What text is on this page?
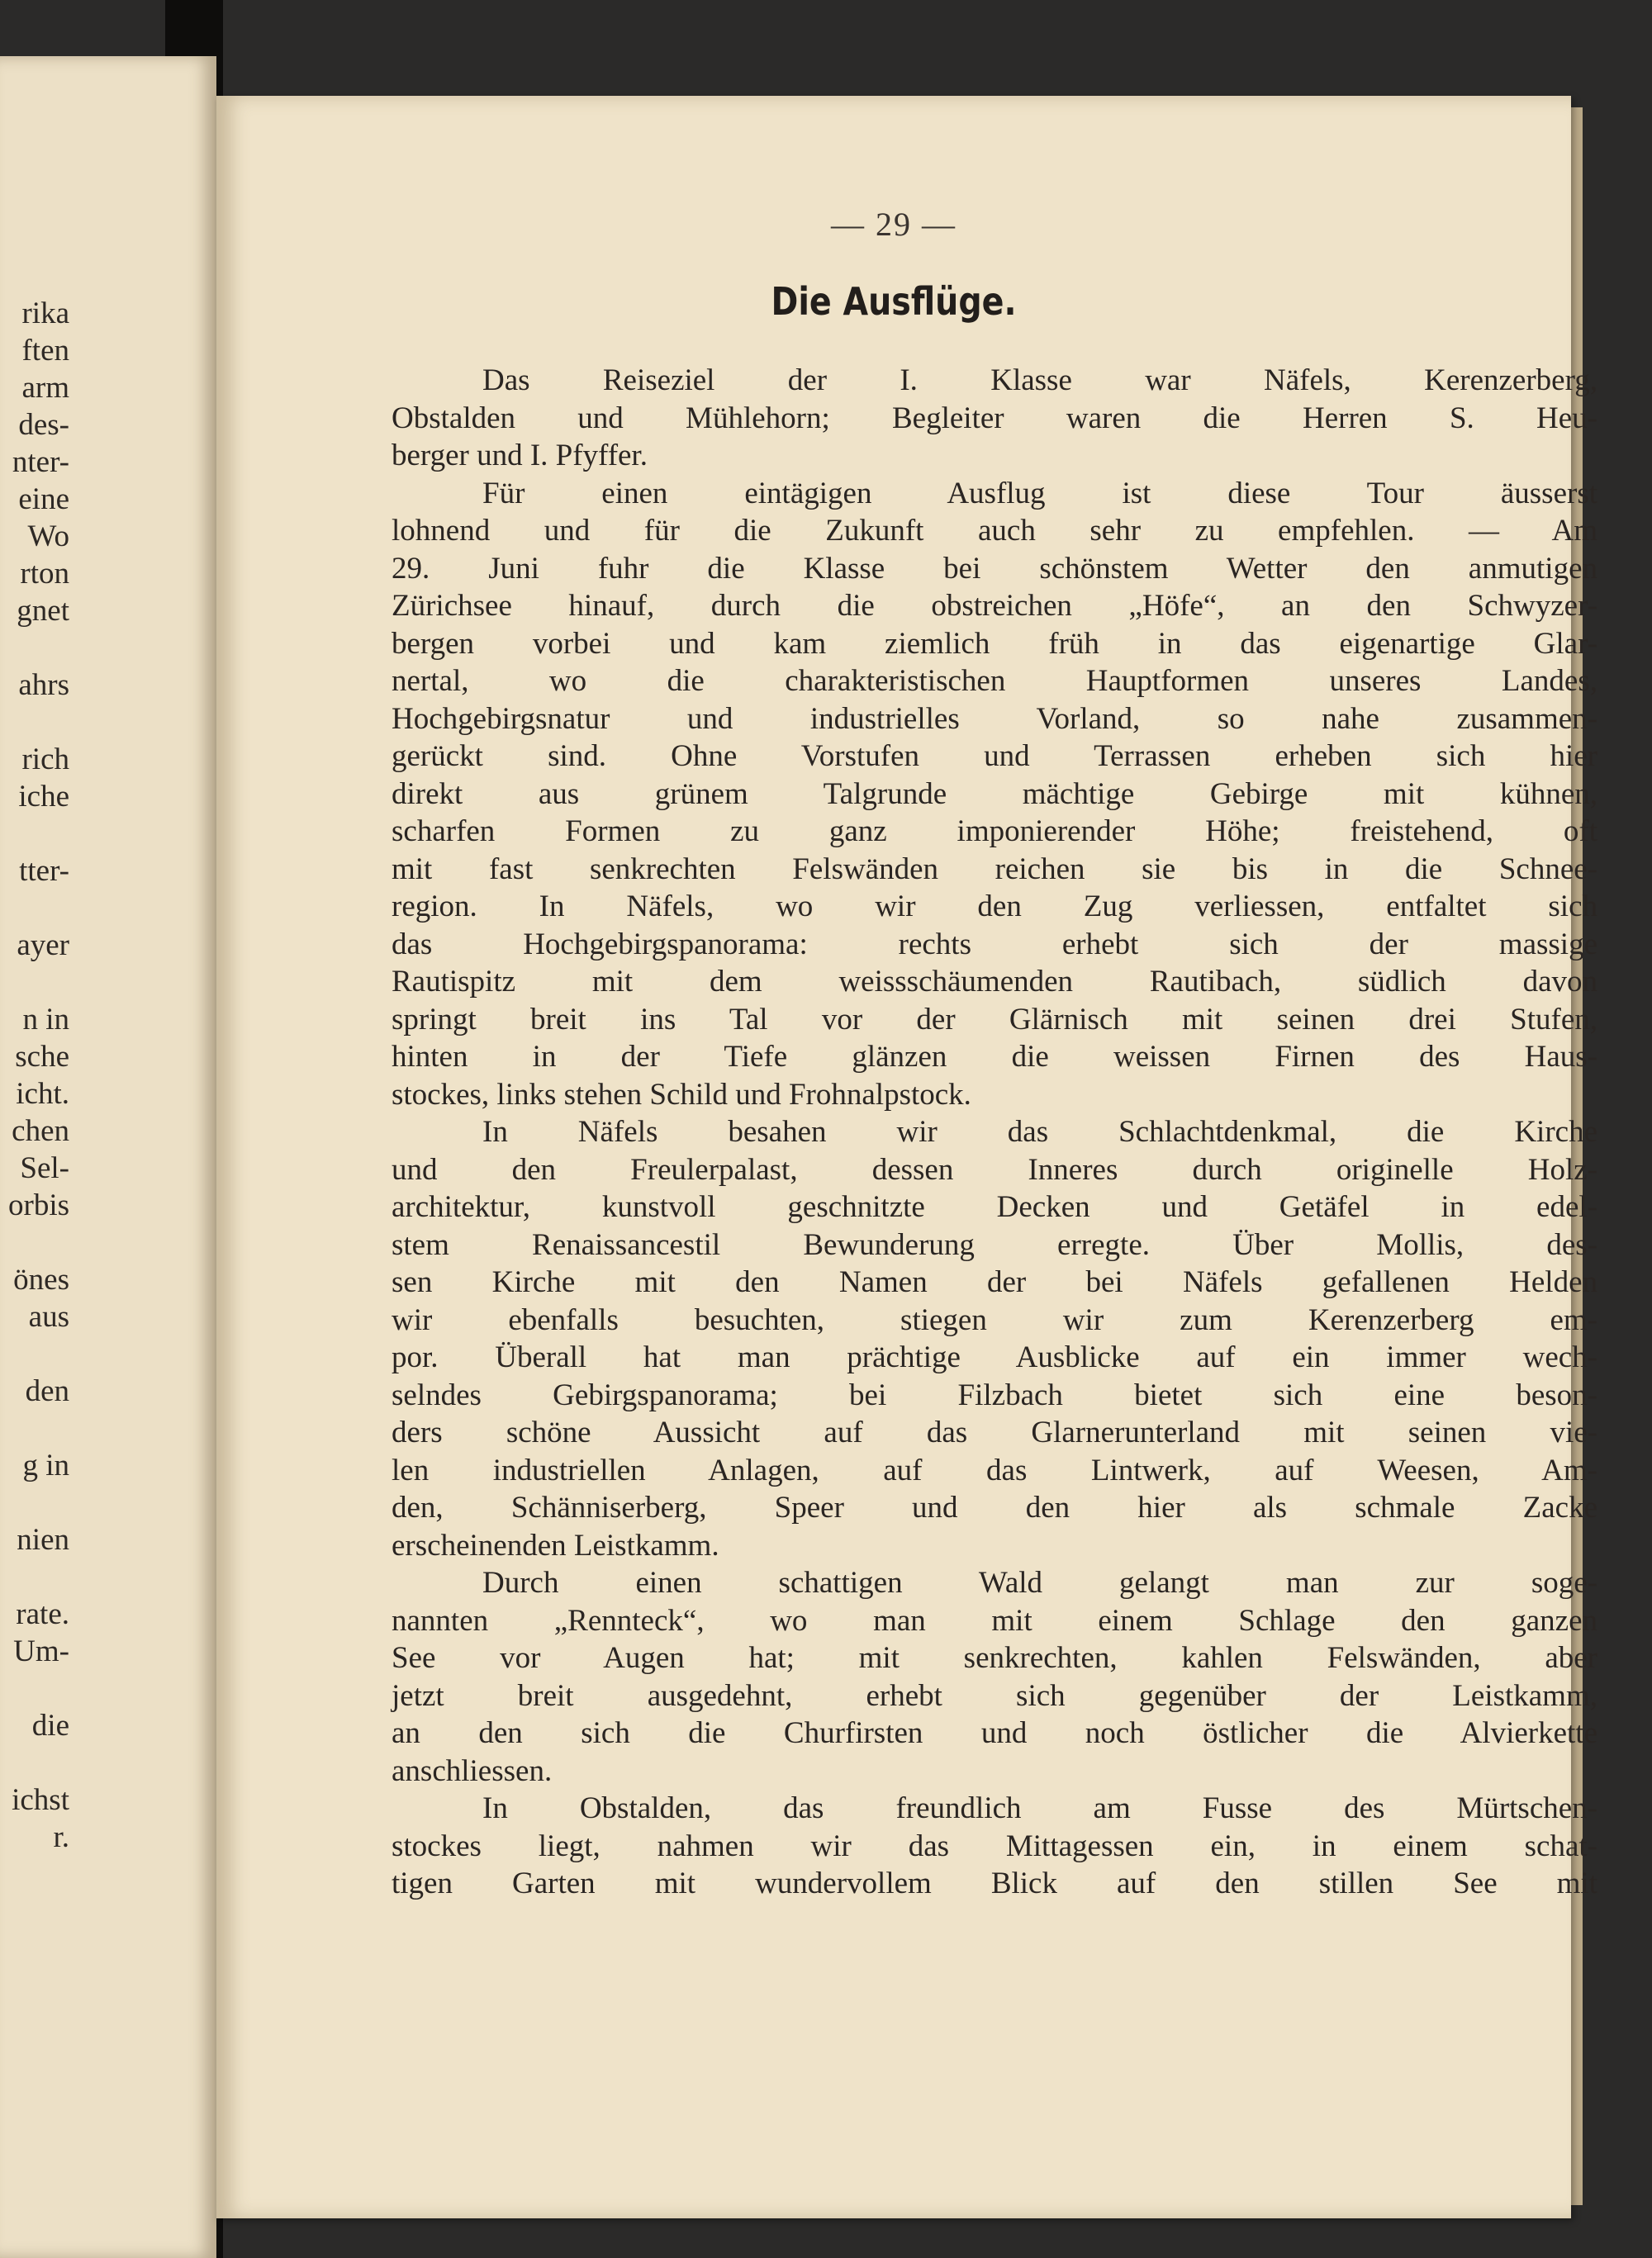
rika
ften
arm
des-
nter-
eine
Wo
rton
gnet
ahrs
rich
iche
tter-
ayer
n in
sche
icht.
chen
Sel-
orbis
önes
aus
den
g in
nien
rate.
Um-
die
ichst
r.
— 29 —
Die Ausflüge.
Das Reiseziel der I. Klasse war Näfels, Kerenzerberg,
Obstalden und Mühlehorn; Begleiter waren die Herren S. Heu-
berger und I. Pfyffer.
Für einen eintägigen Ausflug ist diese Tour äusserst
lohnend und für die Zukunft auch sehr zu empfehlen. — Am
29. Juni fuhr die Klasse bei schönstem Wetter den anmutigen
Zürichsee hinauf, durch die obstreichen „Höfe“, an den Schwyzer-
bergen vorbei und kam ziemlich früh in das eigenartige Glar-
nertal, wo die charakteristischen Hauptformen unseres Landes,
Hochgebirgsnatur und industrielles Vorland, so nahe zusammen-
gerückt sind. Ohne Vorstufen und Terrassen erheben sich hier
direkt aus grünem Talgrunde mächtige Gebirge mit kühnen,
scharfen Formen zu ganz imponierender Höhe; freistehend, oft
mit fast senkrechten Felswänden reichen sie bis in die Schnee-
region. In Näfels, wo wir den Zug verliessen, entfaltet sich
das Hochgebirgspanorama: rechts erhebt sich der massige
Rautispitz mit dem weissschäumenden Rautibach, südlich davon
springt breit ins Tal vor der Glärnisch mit seinen drei Stufen,
hinten in der Tiefe glänzen die weissen Firnen des Haus-
stockes, links stehen Schild und Frohnalpstock.
In Näfels besahen wir das Schlachtdenkmal, die Kirche
und den Freulerpalast, dessen Inneres durch originelle Holz-
architektur, kunstvoll geschnitzte Decken und Getäfel in edel-
stem Renaissancestil Bewunderung erregte. Über Mollis, des-
sen Kirche mit den Namen der bei Näfels gefallenen Helden
wir ebenfalls besuchten, stiegen wir zum Kerenzerberg em-
por. Überall hat man prächtige Ausblicke auf ein immer wech-
selndes Gebirgspanorama; bei Filzbach bietet sich eine beson-
ders schöne Aussicht auf das Glarnerunterland mit seinen vie-
len industriellen Anlagen, auf das Lintwerk, auf Weesen, Am-
den, Schänniserberg, Speer und den hier als schmale Zacke
erscheinenden Leistkamm.
Durch einen schattigen Wald gelangt man zur soge-
nannten „Rennteck“, wo man mit einem Schlage den ganzen
See vor Augen hat; mit senkrechten, kahlen Felswänden, aber
jetzt breit ausgedehnt, erhebt sich gegenüber der Leistkamm,
an den sich die Churfirsten und noch östlicher die Alvierkette
anschliessen.
In Obstalden, das freundlich am Fusse des Mürtschen-
stockes liegt, nahmen wir das Mittagessen ein, in einem schat-
tigen Garten mit wundervollem Blick auf den stillen See mit
